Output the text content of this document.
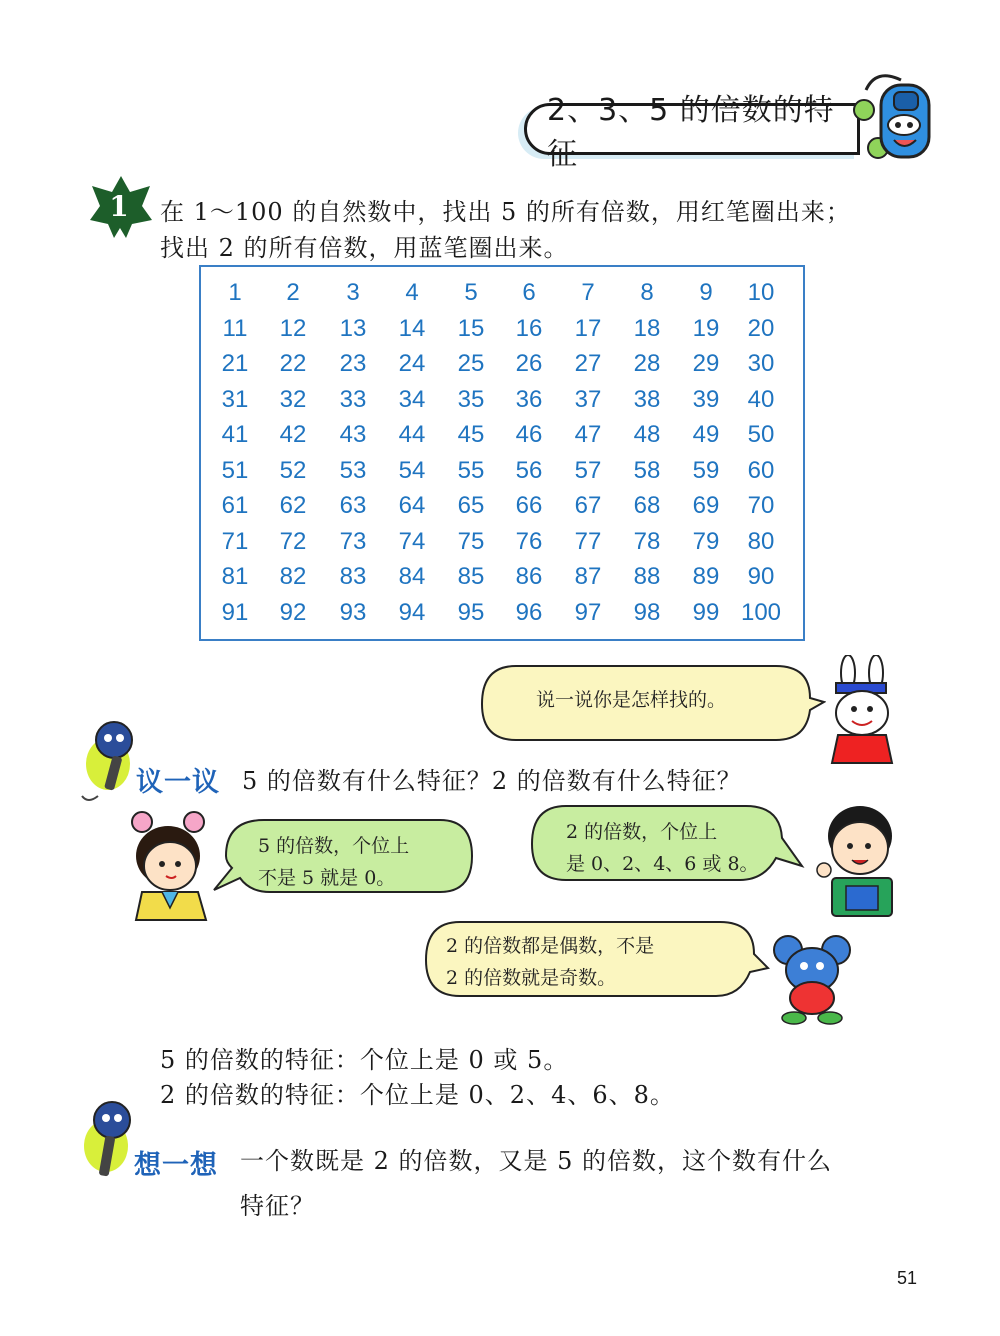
2、3、5 的倍数的特征
1 在 1～100 的自然数中，找出 5 的所有倍数，用红笔圈出来；
找出 2 的所有倍数，用蓝笔圈出来。
1	2	3	4	5	6	7	8	9	10
11	12	13	14	15	16	17	18	19	20
21	22	23	24	25	26	27	28	29	30
31	32	33	34	35	36	37	38	39	40
41	42	43	44	45	46	47	48	49	50
51	52	53	54	55	56	57	58	59	60
61	62	63	64	65	66	67	68	69	70
71	72	73	74	75	76	77	78	79	80
81	82	83	84	85	86	87	88	89	90
91	92	93	94	95	96	97	98	99 100
说一说你是怎样找的。
议一议 5 的倍数有什么特征？2 的倍数有什么特征？
5 的倍数，个位上
不是 5 就是 0。
2 的倍数，个位上
是 0、2、4、6 或 8。
2 的倍数都是偶数，不是
2 的倍数就是奇数。
5 的倍数的特征：个位上是 0 或 5。
2 的倍数的特征：个位上是 0、2、4、6、8。
想一想 一个数既是 2 的倍数，又是 5 的倍数，这个数有什么
特征？
51
